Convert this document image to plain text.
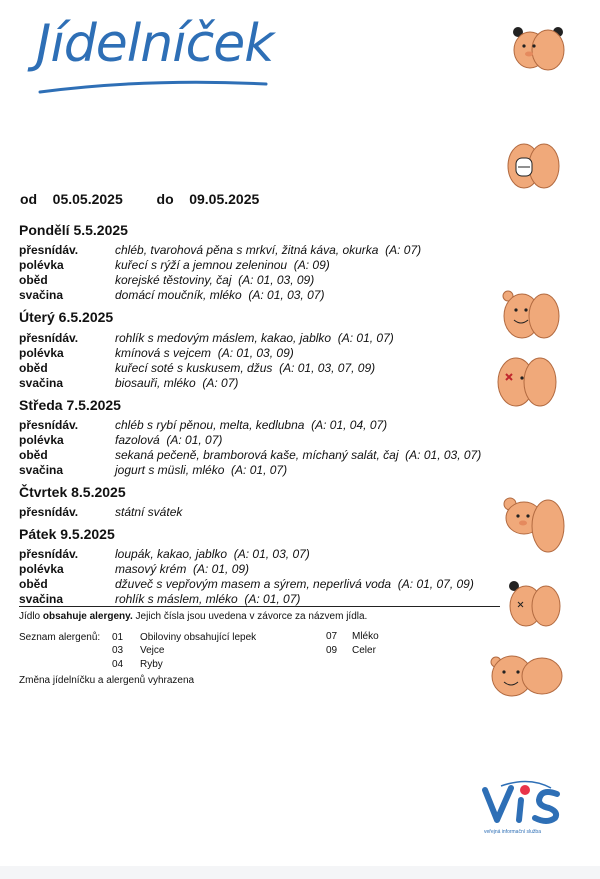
Jídelníček
od 05.05.2025 do 09.05.2025
Pondělí 5.5.2025
přesnídáv.	chléb, tvarohová pěna s mrkví, žitná káva, okurka (A: 07)
polévka	kuřecí s rýží a jemnou zeleninou (A: 09)
oběd	korejské těstoviny, čaj (A: 01, 03, 09)
svačina	domácí moučník, mléko (A: 01, 03, 07)
Úterý 6.5.2025
přesnídáv.	rohlík s medovým máslem, kakao, jablko (A: 01, 07)
polévka	kmínová s vejcem (A: 01, 03, 09)
oběd	kuřecí soté s kuskusem, džus (A: 01, 03, 07, 09)
svačina	biosauři, mléko (A: 07)
Středa 7.5.2025
přesnídáv.	chléb s rybí pěnou, melta, kedlubna (A: 01, 04, 07)
polévka	fazolová (A: 01, 07)
oběd	sekaná pečeně, bramborová kaše, míchaný salát, čaj (A: 01, 03, 07)
svačina	jogurt s müsli, mléko (A: 01, 07)
Čtvrtek 8.5.2025
přesnídáv.	státní svátek
Pátek 9.5.2025
přesnídáv.	loupák, kakao, jablko (A: 01, 03, 07)
polévka	masový krém (A: 01, 09)
oběd	džuveč s vepřovým masem a sýrem, neperlivá voda (A: 01, 07, 09)
svačina	rohlík s máslem, mléko (A: 01, 07)
Jídlo obsahuje alergeny. Jejich čísla jsou uvedena v závorce za názvem jídla.
Seznam alergenů: 01 Obiloviny obsahující lepek
03 Vejce
04 Ryby
07 Mléko
09 Celer
Změna jídelníčku a alergenů vyhrazena
veřejná informační služba
